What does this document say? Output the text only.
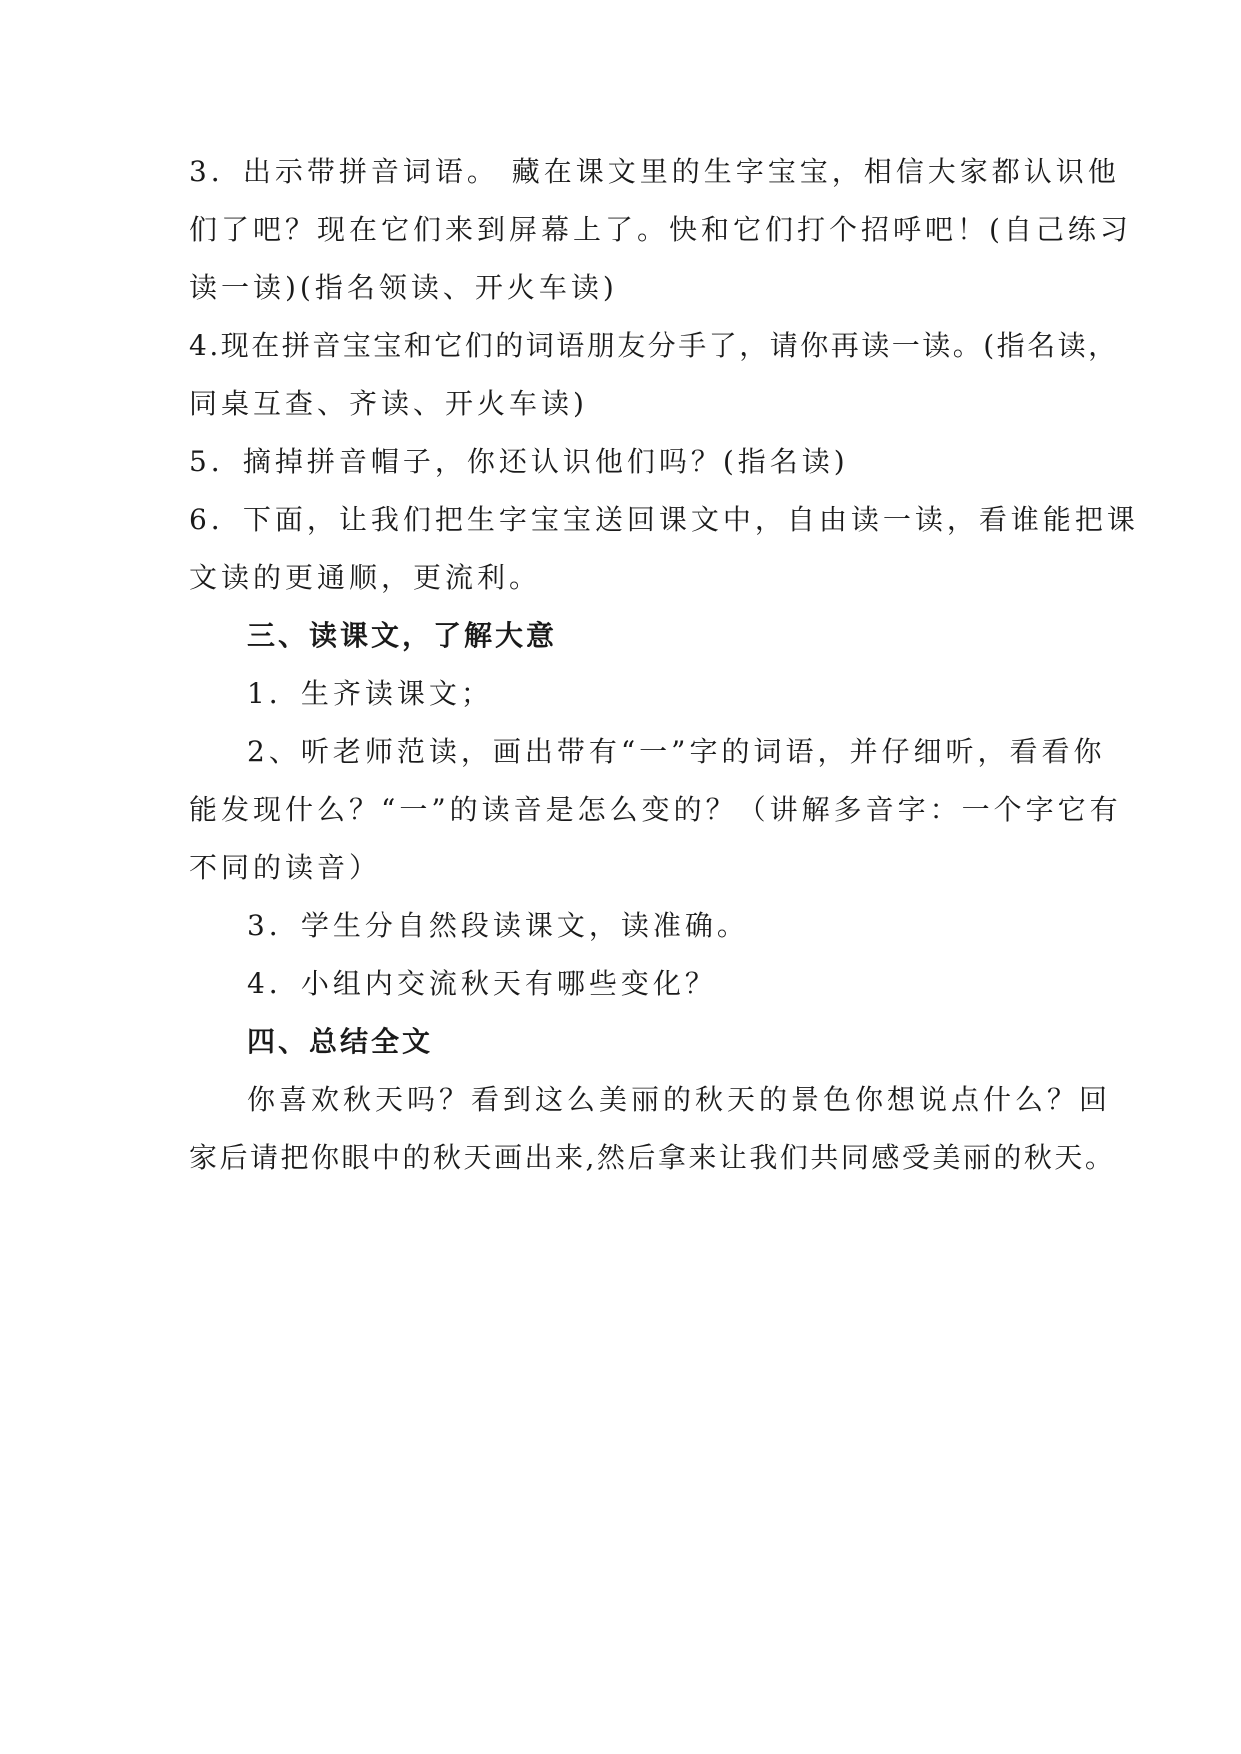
3．出示带拼音词语。 藏在课文里的生字宝宝，相信大家都认识他
们了吧？现在它们来到屏幕上了。快和它们打个招呼吧！(自己练习
读一读)(指名领读、开火车读)
4.现在拼音宝宝和它们的词语朋友分手了，请你再读一读。(指名读，
同桌互查、齐读、开火车读)
5．摘掉拼音帽子，你还认识他们吗？(指名读)
6．下面，让我们把生字宝宝送回课文中，自由读一读，看谁能把课
文读的更通顺，更流利。
三、读课文，了解大意
1．生齐读课文；
2、听老师范读，画出带有“一”字的词语，并仔细听，看看你
能发现什么？“一”的读音是怎么变的？（讲解多音字：一个字它有
不同的读音）
3．学生分自然段读课文，读准确。
4．小组内交流秋天有哪些变化？
四、总结全文
你喜欢秋天吗？看到这么美丽的秋天的景色你想说点什么？回
家后请把你眼中的秋天画出来,然后拿来让我们共同感受美丽的秋天。
